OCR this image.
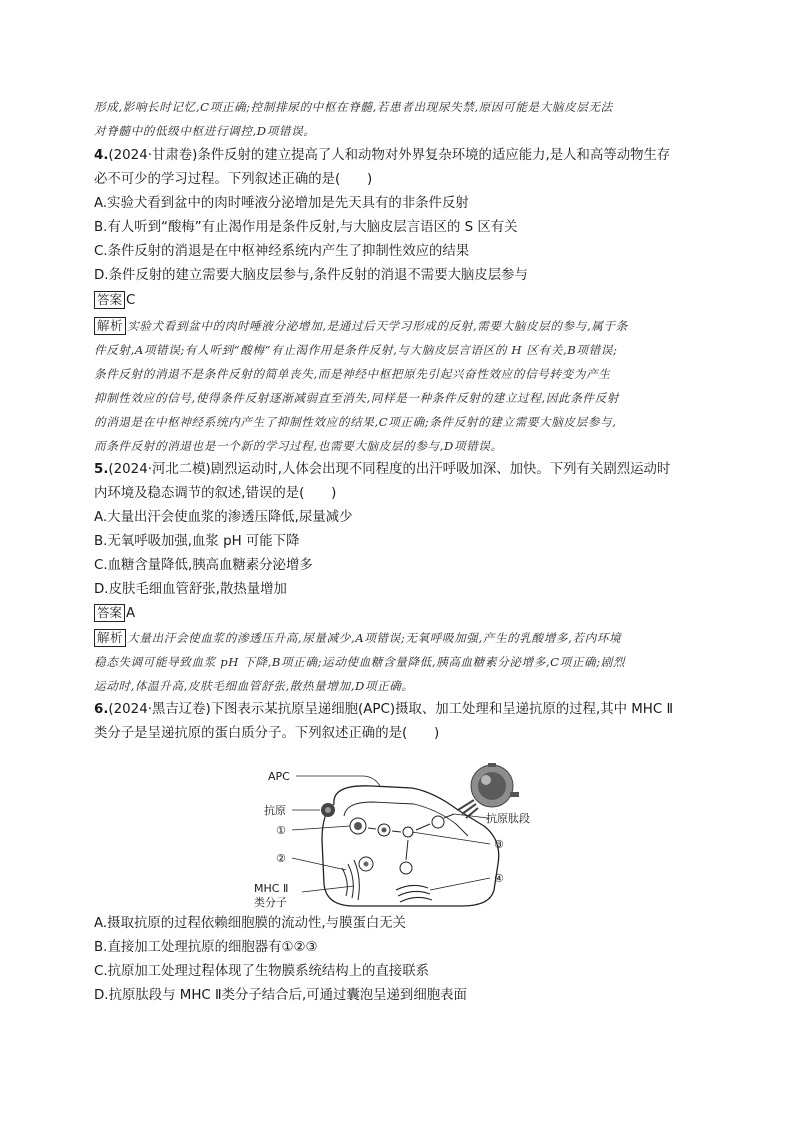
形成,影响长时记忆,C项正确;控制排尿的中枢在脊髓,若患者出现尿失禁,原因可能是大脑皮层无法
对脊髓中的低级中枢进行调控,D项错误。
4.(2024·甘肃卷)条件反射的建立提高了人和动物对外界复杂环境的适应能力,是人和高等动物生存
必不可少的学习过程。下列叙述正确的是(　　)
A.实验犬看到盆中的肉时唾液分泌增加是先天具有的非条件反射
B.有人听到“酸梅”有止渴作用是条件反射,与大脑皮层言语区的 S 区有关
C.条件反射的消退是在中枢神经系统内产生了抑制性效应的结果
D.条件反射的建立需要大脑皮层参与,条件反射的消退不需要大脑皮层参与
答案 C
解析 实验犬看到盆中的肉时唾液分泌增加,是通过后天学习形成的反射,需要大脑皮层的参与,属于条
件反射,A项错误;有人听到“酸梅”有止渴作用是条件反射,与大脑皮层言语区的 H 区有关,B项错误;
条件反射的消退不是条件反射的简单丧失,而是神经中枢把原先引起兴奋性效应的信号转变为产生
抑制性效应的信号,使得条件反射逐渐减弱直至消失,同样是一种条件反射的建立过程,因此条件反射
的消退是在中枢神经系统内产生了抑制性效应的结果,C项正确;条件反射的建立需要大脑皮层参与,
而条件反射的消退也是一个新的学习过程,也需要大脑皮层的参与,D项错误。
5.(2024·河北二模)剧烈运动时,人体会出现不同程度的出汗呼吸加深、加快。下列有关剧烈运动时
内环境及稳态调节的叙述,错误的是(　　)
A.大量出汗会使血浆的渗透压降低,尿量减少
B.无氧呼吸加强,血浆 pH 可能下降
C.血糖含量降低,胰高血糖素分泌增多
D.皮肤毛细血管舒张,散热量增加
答案 A
解析 大量出汗会使血浆的渗透压升高,尿量减少,A项错误;无氧呼吸加强,产生的乳酸增多,若内环境
稳态失调可能导致血浆 pH 下降,B项正确;运动使血糖含量降低,胰高血糖素分泌增多,C项正确;剧烈
运动时,体温升高,皮肤毛细血管舒张,散热量增加,D项正确。
6.(2024·黑吉辽卷)下图表示某抗原呈递细胞(APC)摄取、加工处理和呈递抗原的过程,其中 MHC Ⅱ
类分子是呈递抗原的蛋白质分子。下列叙述正确的是(　　)
APC
抗原
①
②
③
④
抗原肽段
MHC Ⅱ
类分子
A.摄取抗原的过程依赖细胞膜的流动性,与膜蛋白无关
B.直接加工处理抗原的细胞器有①②③
C.抗原加工处理过程体现了生物膜系统结构上的直接联系
D.抗原肽段与 MHC Ⅱ类分子结合后,可通过囊泡呈递到细胞表面
